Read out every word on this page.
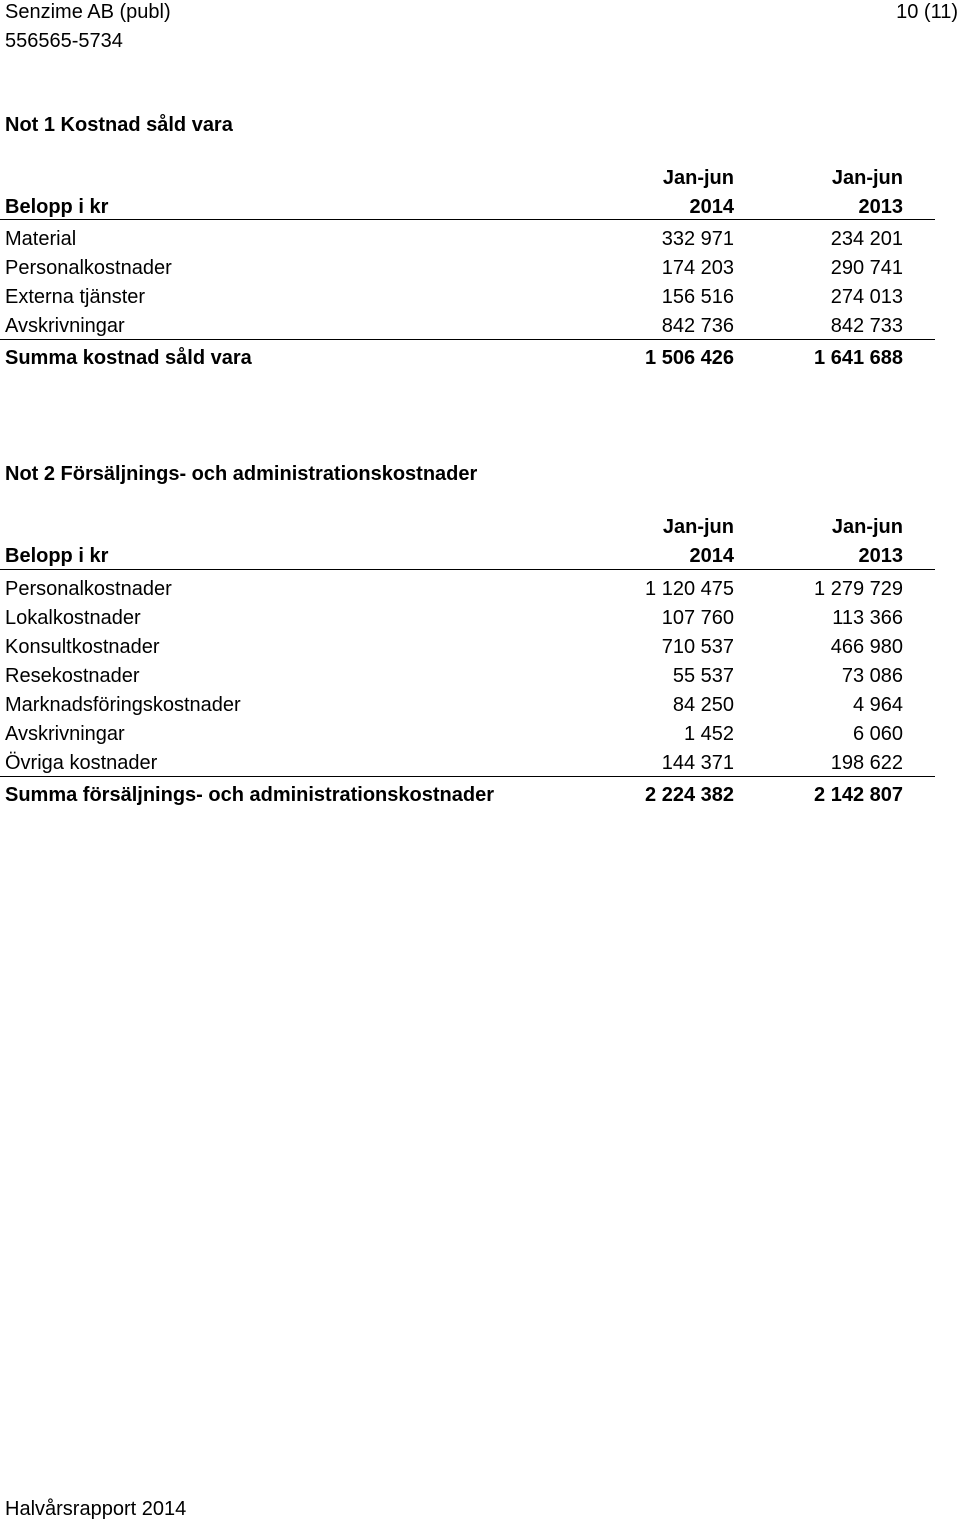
Senzime AB (publ)
556565-5734
10 (11)
Not 1 Kostnad såld vara
Jan-jun	Jan-jun
Belopp i kr	2014	2013
Material	332 971	234 201
Personalkostnader	174 203	290 741
Externa tjänster	156 516	274 013
Avskrivningar	842 736	842 733
Summa kostnad såld vara	1 506 426	1 641 688
Not 2 Försäljnings- och administrationskostnader
Jan-jun	Jan-jun
Belopp i kr	2014	2013
Personalkostnader	1 120 475	1 279 729
Lokalkostnader	107 760	113 366
Konsultkostnader	710 537	466 980
Resekostnader	55 537	73 086
Marknadsföringskostnader	84 250	4 964
Avskrivningar	1 452	6 060
Övriga kostnader	144 371	198 622
Summa försäljnings- och administrationskostnader	2 224 382	2 142 807
Halvårsrapport 2014
